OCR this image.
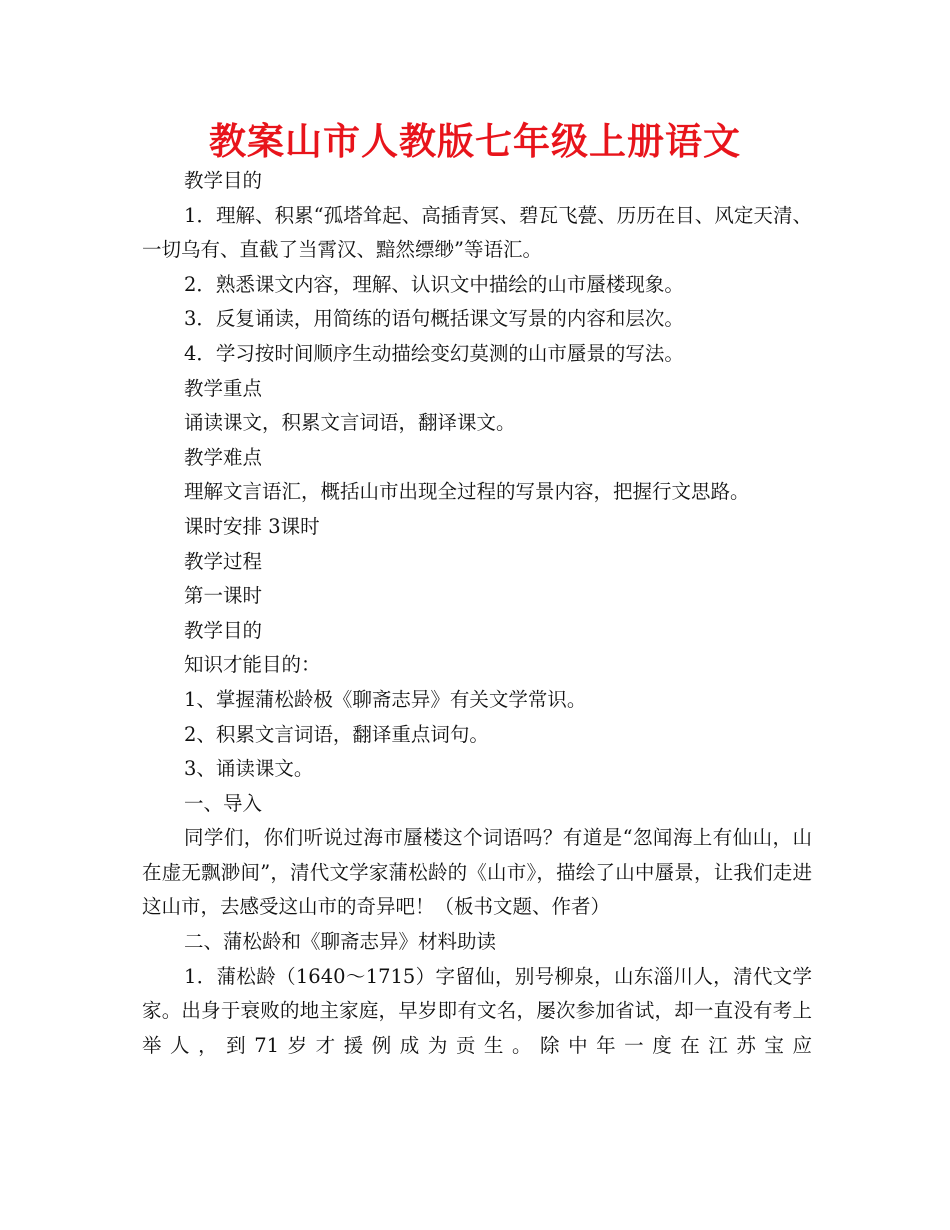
教案山市人教版七年级上册语文

教学目的

1．理解、积累“孤塔耸起、高插青冥、碧瓦飞甍、历历在目、风定天清、一切乌有、直截了当霄汉、黯然缥缈”等语汇。

2．熟悉课文内容，理解、认识文中描绘的山市蜃楼现象。

3．反复诵读，用简练的语句概括课文写景的内容和层次。

4．学习按时间顺序生动描绘变幻莫测的山市蜃景的写法。

教学重点

诵读课文，积累文言词语，翻译课文。

教学难点

理解文言语汇，概括山市出现全过程的写景内容，把握行文思路。

课时安排 3课时

教学过程

第一课时

教学目的

知识才能目的：

1、掌握蒲松龄极《聊斋志异》有关文学常识。

2、积累文言词语，翻译重点词句。

3、诵读课文。

一、导入

同学们，你们听说过海市蜃楼这个词语吗？有道是“忽闻海上有仙山，山在虚无飘渺间”，清代文学家蒲松龄的《山市》，描绘了山中蜃景，让我们走进这山市，去感受这山市的奇异吧！（板书文题、作者）

二、蒲松龄和《聊斋志异》材料助读

1．蒲松龄（1640～1715）字留仙，别号柳泉，山东淄川人，清代文学家。出身于衰败的地主家庭，早岁即有文名，屡次参加省试，却一直没有考上举人，到71岁才援例成为贡生。除中年一度在江苏宝应
